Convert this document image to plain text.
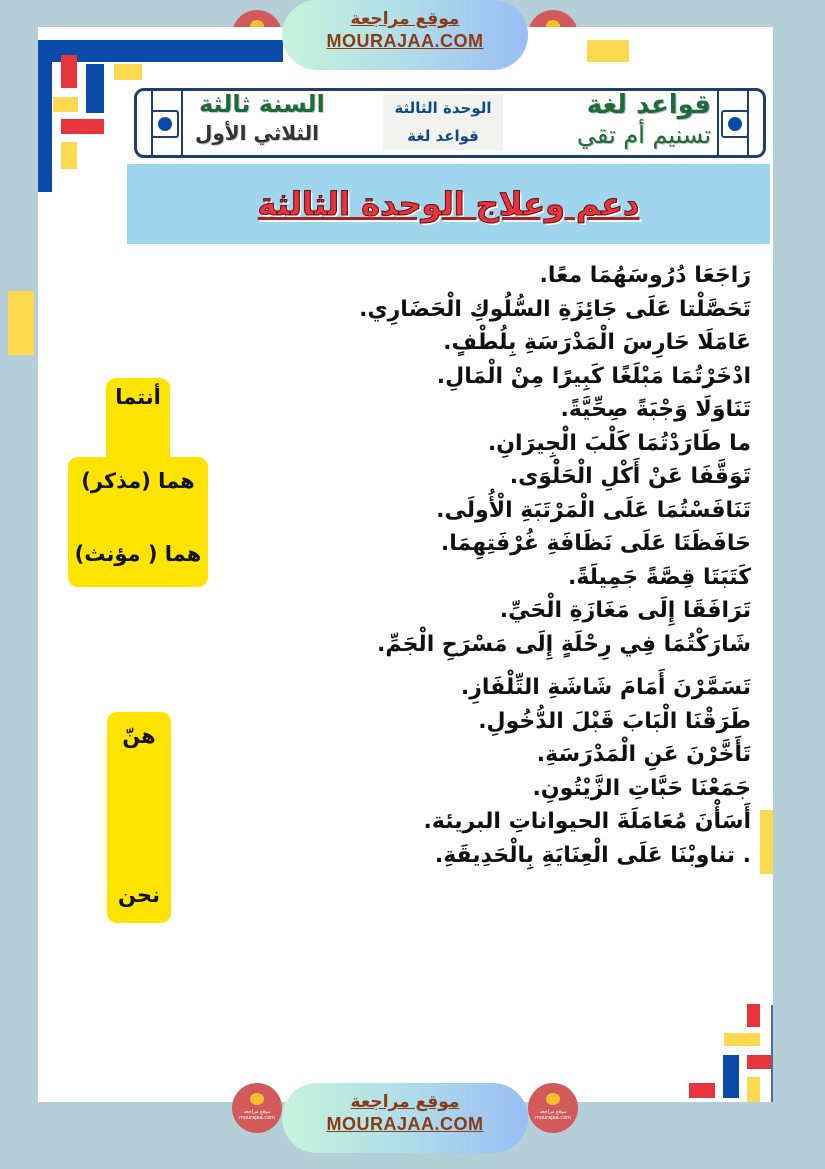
قواعد لغة
تسنيم أم تقي
الوحدة الثالثة
قواعد لغة
السنة ثالثة
الثلاثي الأول
دعم وعلاج الوحدة الثالثة
رَاجَعَا دُرُوسَهُمَا معًا.
تَحَصَّلْتا عَلَى جَائِزَةِ السُّلُوكِ الْحَضَارِي.
عَامَلَا حَارِسَ الْمَدْرَسَةِ بِلُطْفٍ.
ادْخَرْتُمَا مَبْلَغًا كَبِيرًا مِنْ الْمَالِ.
تَنَاوَلَا وَجْبَةً صِحِّيَّةً.
ما طَارَدْتُمَا كَلْبَ الْجِيرَانِ.
تَوَقَّفَا عَنْ أَكْلِ الْحَلْوَى.
تَنَافَسْتُمَا عَلَى الْمَرْتَبَةِ الْأُولَى.
حَافَظَتَا عَلَى نَظَافَةِ غُرْفَتِهِمَا.
كَتَبَتَا قِصَّةً جَمِيلَةً.
تَرَافَقَا إِلَى مَغَازَةِ الْحَيِّ.
شَارَكْتُمَا فِي رِحْلَةٍ إِلَى مَسْرَحِ الْجَمِّ.
تَسَمَّرْنَ أَمَامَ شَاشَةِ التِّلْفَازِ.
طَرَقْنَا الْبَابَ قَبْلَ الدُّخُولِ.
تَأَخَّرْنَ عَنِ الْمَدْرَسَةِ.
جَمَعْنَا حَبَّاتِ الزَّيْتُونِ.
أَسَأْنَ مُعَامَلَةَ الحيواناتِ البريئة.
. تناوبْنَا عَلَى الْعِنَايَةِ بِالْحَدِيقَةِ.
أنتما
هما (مذكر)
هما ( مؤنث)
هنّ
نحن
موقع مراجعة
MOURAJAA.COM
موقع مراجعة mourajaa.com
موقع مراجعة mourajaa.com
موقع مراجعة
MOURAJAA.COM
